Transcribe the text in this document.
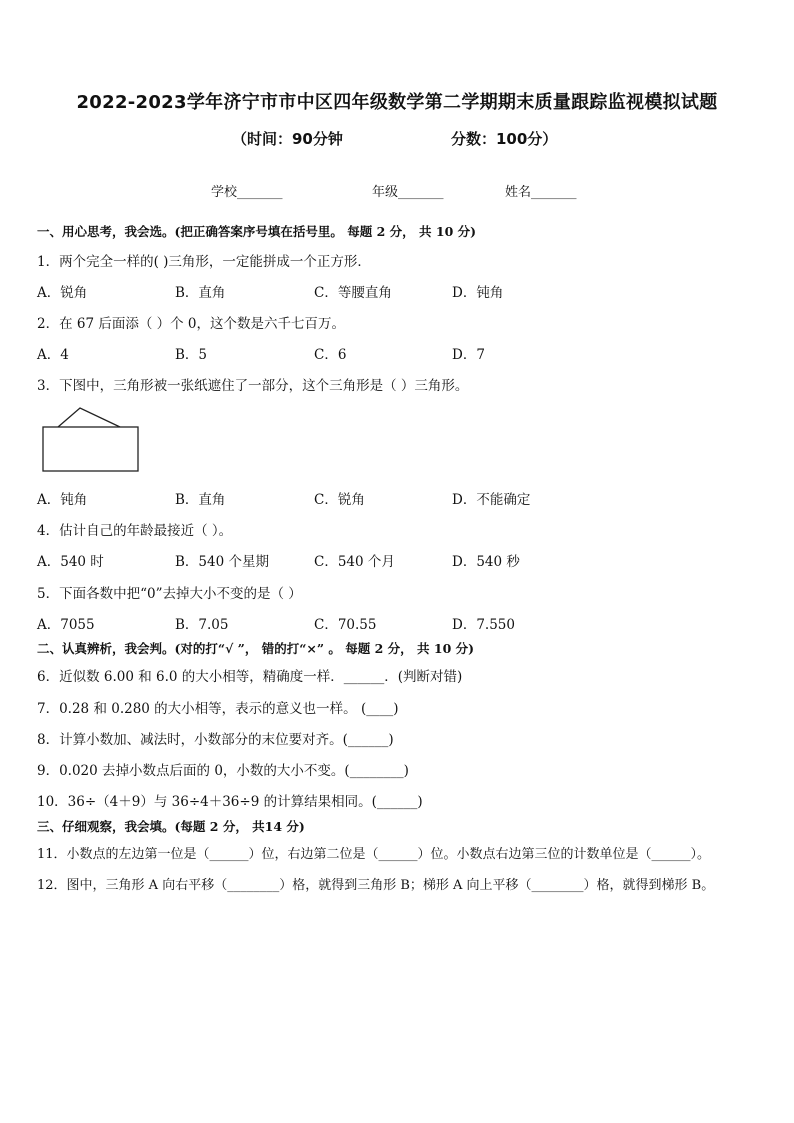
2022-2023学年济宁市市中区四年级数学第二学期期末质量跟踪监视模拟试题
（时间：90分钟	分数：100分）
学校_______	年级_______	姓名_______
一、用心思考，我会选。(把正确答案序号填在括号里。 每题 2 分， 共 10 分)
1．两个完全一样的( )三角形，一定能拼成一个正方形．
A．锐角	B．直角	C．等腰直角	D．钝角
2．在 67 后面添（ ）个 0，这个数是六千七百万。
A．4	B．5	C．6	D．7
3．下图中，三角形被一张纸遮住了一部分，这个三角形是（ ）三角形。
A．钝角	B．直角	C．锐角	D．不能确定
4．估计自己的年龄最接近（ ）。
A．540 时	B．540 个星期	C．540 个月	D．540 秒
5．下面各数中把“0”去掉大小不变的是（ ）
A．7055	B．7.05	C．70.55	D．7.550
二、认真辨析，我会判。(对的打“√ ”， 错的打“×” 。 每题 2 分， 共 10 分)
6．近似数 6.00 和 6.0 的大小相等，精确度一样．______．(判断对错)
7．0.28 和 0.280 的大小相等，表示的意义也一样。 (____)
8．计算小数加、减法时，小数部分的末位要对齐。(______)
9．0.020 去掉小数点后面的 0，小数的大小不变。(________)
10．36÷（4＋9）与 36÷4＋36÷9 的计算结果相同。(______)
三、仔细观察，我会填。(每题 2 分， 共14 分)
11．小数点的左边第一位是（______）位，右边第二位是（______）位。小数点右边第三位的计数单位是（______）。
12．图中，三角形 A 向右平移（________）格，就得到三角形 B；梯形 A 向上平移（________）格，就得到梯形 B。
